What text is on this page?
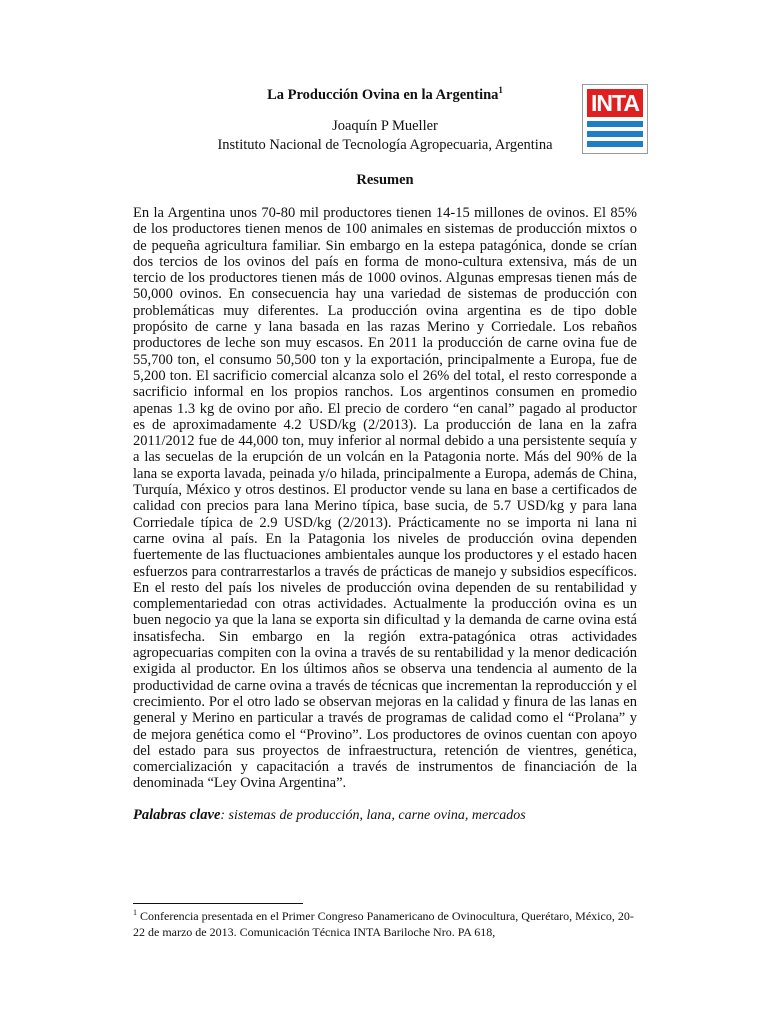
La Producción Ovina en la Argentina$^1$
Joaquín P Mueller
Instituto Nacional de Tecnología Agropecuaria, Argentina
INTA
Resumen

En la Argentina unos 70-80 mil productores tienen 14-15 millones de ovinos. El 85% de los productores tienen menos de 100 animales en sistemas de producción mixtos o de pequeña agricultura familiar. Sin embargo en la estepa patagónica, donde se crían dos tercios de los ovinos del país en forma de mono-cultura extensiva, más de un tercio de los productores tienen más de 1000 ovinos. Algunas empresas tienen más de 50,000 ovinos. En consecuencia hay una variedad de sistemas de producción con problemáticas muy diferentes. La producción ovina argentina es de tipo doble propósito de carne y lana basada en las razas Merino y Corriedale. Los rebaños productores de leche son muy escasos. En 2011 la producción de carne ovina fue de 55,700 ton, el consumo 50,500 ton y la exportación, principalmente a Europa, fue de 5,200 ton. El sacrificio comercial alcanza solo el 26% del total, el resto corresponde a sacrificio informal en los propios ranchos. Los argentinos consumen en promedio apenas 1.3 kg de ovino por año. El precio de cordero “en canal” pagado al productor es de aproximadamente 4.2 USD/kg (2/2013). La producción de lana en la zafra 2011/2012 fue de 44,000 ton, muy inferior al normal debido a una persistente sequía y a las secuelas de la erupción de un volcán en la Patagonia norte. Más del 90% de la lana se exporta lavada, peinada y/o hilada, principalmente a Europa, además de China, Turquía, México y otros destinos. El productor vende su lana en base a certificados de calidad con precios para lana Merino típica, base sucia, de 5.7 USD/kg y para lana Corriedale típica de 2.9 USD/kg (2/2013). Prácticamente no se importa ni lana ni carne ovina al país. En la Patagonia los niveles de producción ovina dependen fuertemente de las fluctuaciones ambientales aunque los productores y el estado hacen esfuerzos para contrarrestarlos a través de prácticas de manejo y subsidios específicos. En el resto del país los niveles de producción ovina dependen de su rentabilidad y complementariedad con otras actividades. Actualmente la producción ovina es un buen negocio ya que la lana se exporta sin dificultad y la demanda de carne ovina está insatisfecha. Sin embargo en la región extra-patagónica otras actividades agropecuarias compiten con la ovina a través de su rentabilidad y la menor dedicación exigida al productor. En los últimos años se observa una tendencia al aumento de la productividad de carne ovina a través de técnicas que incrementan la reproducción y el crecimiento. Por el otro lado se observan mejoras en la calidad y finura de las lanas en general y Merino en particular a través de programas de calidad como el “Prolana” y de mejora genética como el “Provino”. Los productores de ovinos cuentan con apoyo del estado para sus proyectos de infraestructura, retención de vientres, genética, comercialización y capacitación a través de instrumentos de financiación de la denominada “Ley Ovina Argentina”.

Palabras clave: sistemas de producción, lana, carne ovina, mercados
$^1$ Conferencia presentada en el Primer Congreso Panamericano de Ovinocultura, Querétaro, México, 20-22 de marzo de 2013. Comunicación Técnica INTA Bariloche Nro. PA 618,
